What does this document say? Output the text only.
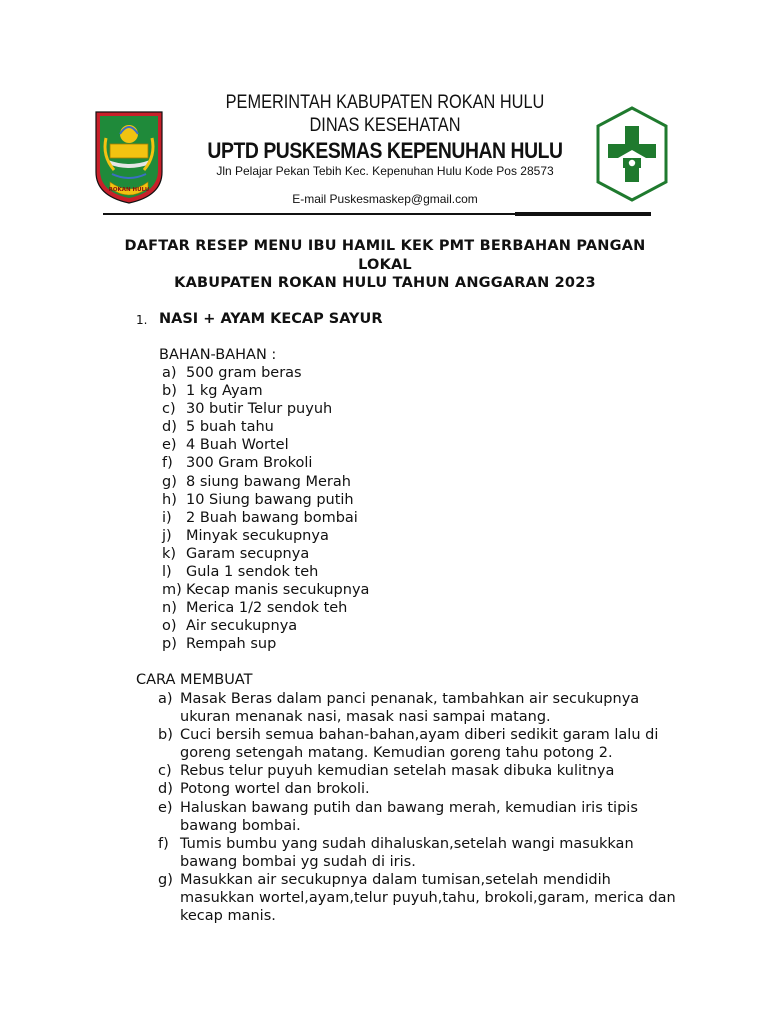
ROKAN HULU
PEMERINTAH KABUPATEN ROKAN HULU
DINAS KESEHATAN
UPTD PUSKESMAS KEPENUHAN HULU
Jln Pelajar Pekan Tebih Kec. Kepenuhan Hulu Kode Pos 28573
E-mail Puskesmaskep@gmail.com
DAFTAR RESEP MENU IBU HAMIL KEK PMT BERBAHAN PANGAN
LOKAL
KABUPATEN ROKAN HULU TAHUN ANGGARAN 2023
1. NASI + AYAM KECAP SAYUR
BAHAN-BAHAN :
a) 500 gram beras
b) 1 kg Ayam
c) 30 butir Telur puyuh
d) 5 buah tahu
e) 4 Buah Wortel
f) 300 Gram Brokoli
g) 8 siung bawang Merah
h) 10 Siung bawang putih
i) 2 Buah bawang bombai
j) Minyak secukupnya
k) Garam secupnya
l) Gula 1 sendok teh
m) Kecap manis secukupnya
n) Merica 1/2 sendok teh
o) Air secukupnya
p) Rempah sup
CARA MEMBUAT
a) Masak Beras dalam panci penanak, tambahkan air secukupnya ukuran menanak nasi, masak nasi sampai matang.
b) Cuci bersih semua bahan-bahan,ayam diberi sedikit garam lalu di goreng setengah matang. Kemudian goreng tahu potong 2.
c) Rebus telur puyuh kemudian setelah masak dibuka kulitnya
d) Potong wortel dan brokoli.
e) Haluskan bawang putih dan bawang merah, kemudian iris tipis bawang bombai.
f) Tumis bumbu yang sudah dihaluskan,setelah wangi masukkan bawang bombai yg sudah di iris.
g) Masukkan air secukupnya dalam tumisan,setelah mendidih masukkan wortel,ayam,telur puyuh,tahu, brokoli,garam, merica dan kecap manis.
